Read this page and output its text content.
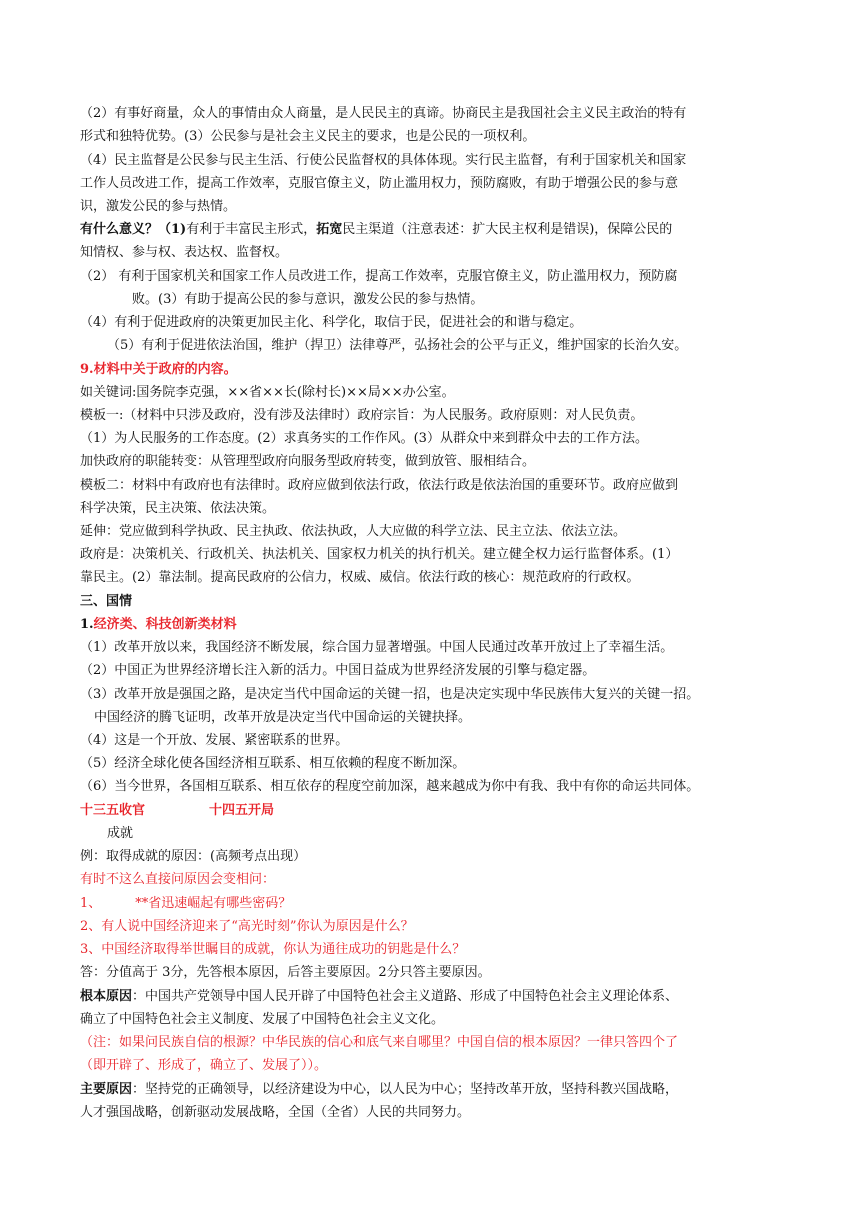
（2）有事好商量，众人的事情由众人商量，是人民民主的真谛。协商民主是我国社会主义民主政治的特有
形式和独特优势。(3）公民参与是社会主义民主的要求，也是公民的一项权利。
（4）民主监督是公民参与民主生活、行使公民监督权的具体体现。实行民主监督，有利于国家机关和国家
工作人员改进工作，提高工作效率，克服官僚主义，防止滥用权力，预防腐败，有助于增强公民的参与意
识，激发公民的参与热情。
有什么意义？（1)有利于丰富民主形式，拓宽民主渠道（注意表述：扩大民主权利是错误)，保障公民的
知情权、参与权、表达权、监督权。
（2） 有利于国家机关和国家工作人员改进工作，提高工作效率，克服官僚主义，防止滥用权力，预防腐
败。(3）有助于提高公民的参与意识，激发公民的参与热情。
（4）有利于促进政府的决策更加民主化、科学化，取信于民，促进社会的和谐与稳定。
（5）有利于促进依法治国，维护（捍卫）法律尊严，弘扬社会的公平与正义，维护国家的长治久安。
9.材料中关于政府的内容。
如关键词:国务院李克强，××省××长(除村长)××局××办公室。
模板一:（材料中只涉及政府，没有涉及法律时）政府宗旨：为人民服务。政府原则：对人民负责。
（1）为人民服务的工作态度。(2）求真务实的工作作风。(3）从群众中来到群众中去的工作方法。
加快政府的职能转变：从管理型政府向服务型政府转变，做到放管、服相结合。
模板二：材料中有政府也有法律时。政府应做到依法行政，依法行政是依法治国的重要环节。政府应做到
科学决策，民主决策、依法决策。
延伸：党应做到科学执政、民主执政、依法执政，人大应做的科学立法、民主立法、依法立法。
政府是：决策机关、行政机关、执法机关、国家权力机关的执行机关。建立健全权力运行监督体系。(1）
靠民主。(2）靠法制。提高民政府的公信力，权威、威信。依法行政的核心：规范政府的行政权。
三、国情
1.经济类、科技创新类材料
（1）改革开放以来，我国经济不断发展，综合国力显著增强。中国人民通过改革开放过上了幸福生活。
（2）中国正为世界经济增长注入新的活力。中国日益成为世界经济发展的引擎与稳定器。
（3）改革开放是强国之路，是决定当代中国命运的关键一招，也是决定实现中华民族伟大复兴的关键一招。
中国经济的腾飞证明，改革开放是决定当代中国命运的关键抉择。
（4）这是一个开放、发展、紧密联系的世界。
（5）经济全球化使各国经济相互联系、相互依赖的程度不断加深。
（6）当今世界，各国相互联系、相互依存的程度空前加深，越来越成为你中有我、我中有你的命运共同体。
十三五收官	十四五开局
成就
例：取得成就的原因：(高频考点出现）
有时不这么直接问原因会变相问：
1、	**省迅速崛起有哪些密码？
2、有人说中国经济迎来了“高光时刻”你认为原因是什么？
3、中国经济取得举世瞩目的成就，你认为通往成功的钥匙是什么？
答：分值高于 3分，先答根本原因，后答主要原因。2分只答主要原因。
根本原因：中国共产党领导中国人民开辟了中国特色社会主义道路、形成了中国特色社会主义理论体系、
确立了中国特色社会主义制度、发展了中国特色社会主义文化。
（注：如果问民族自信的根源？中华民族的信心和底气来自哪里？中国自信的根本原因？一律只答四个了
（即开辟了、形成了，确立了、发展了））。
主要原因：坚持党的正确领导，以经济建设为中心，以人民为中心；坚持改革开放，坚持科教兴国战略，
人才强国战略，创新驱动发展战略，全国（全省）人民的共同努力。
